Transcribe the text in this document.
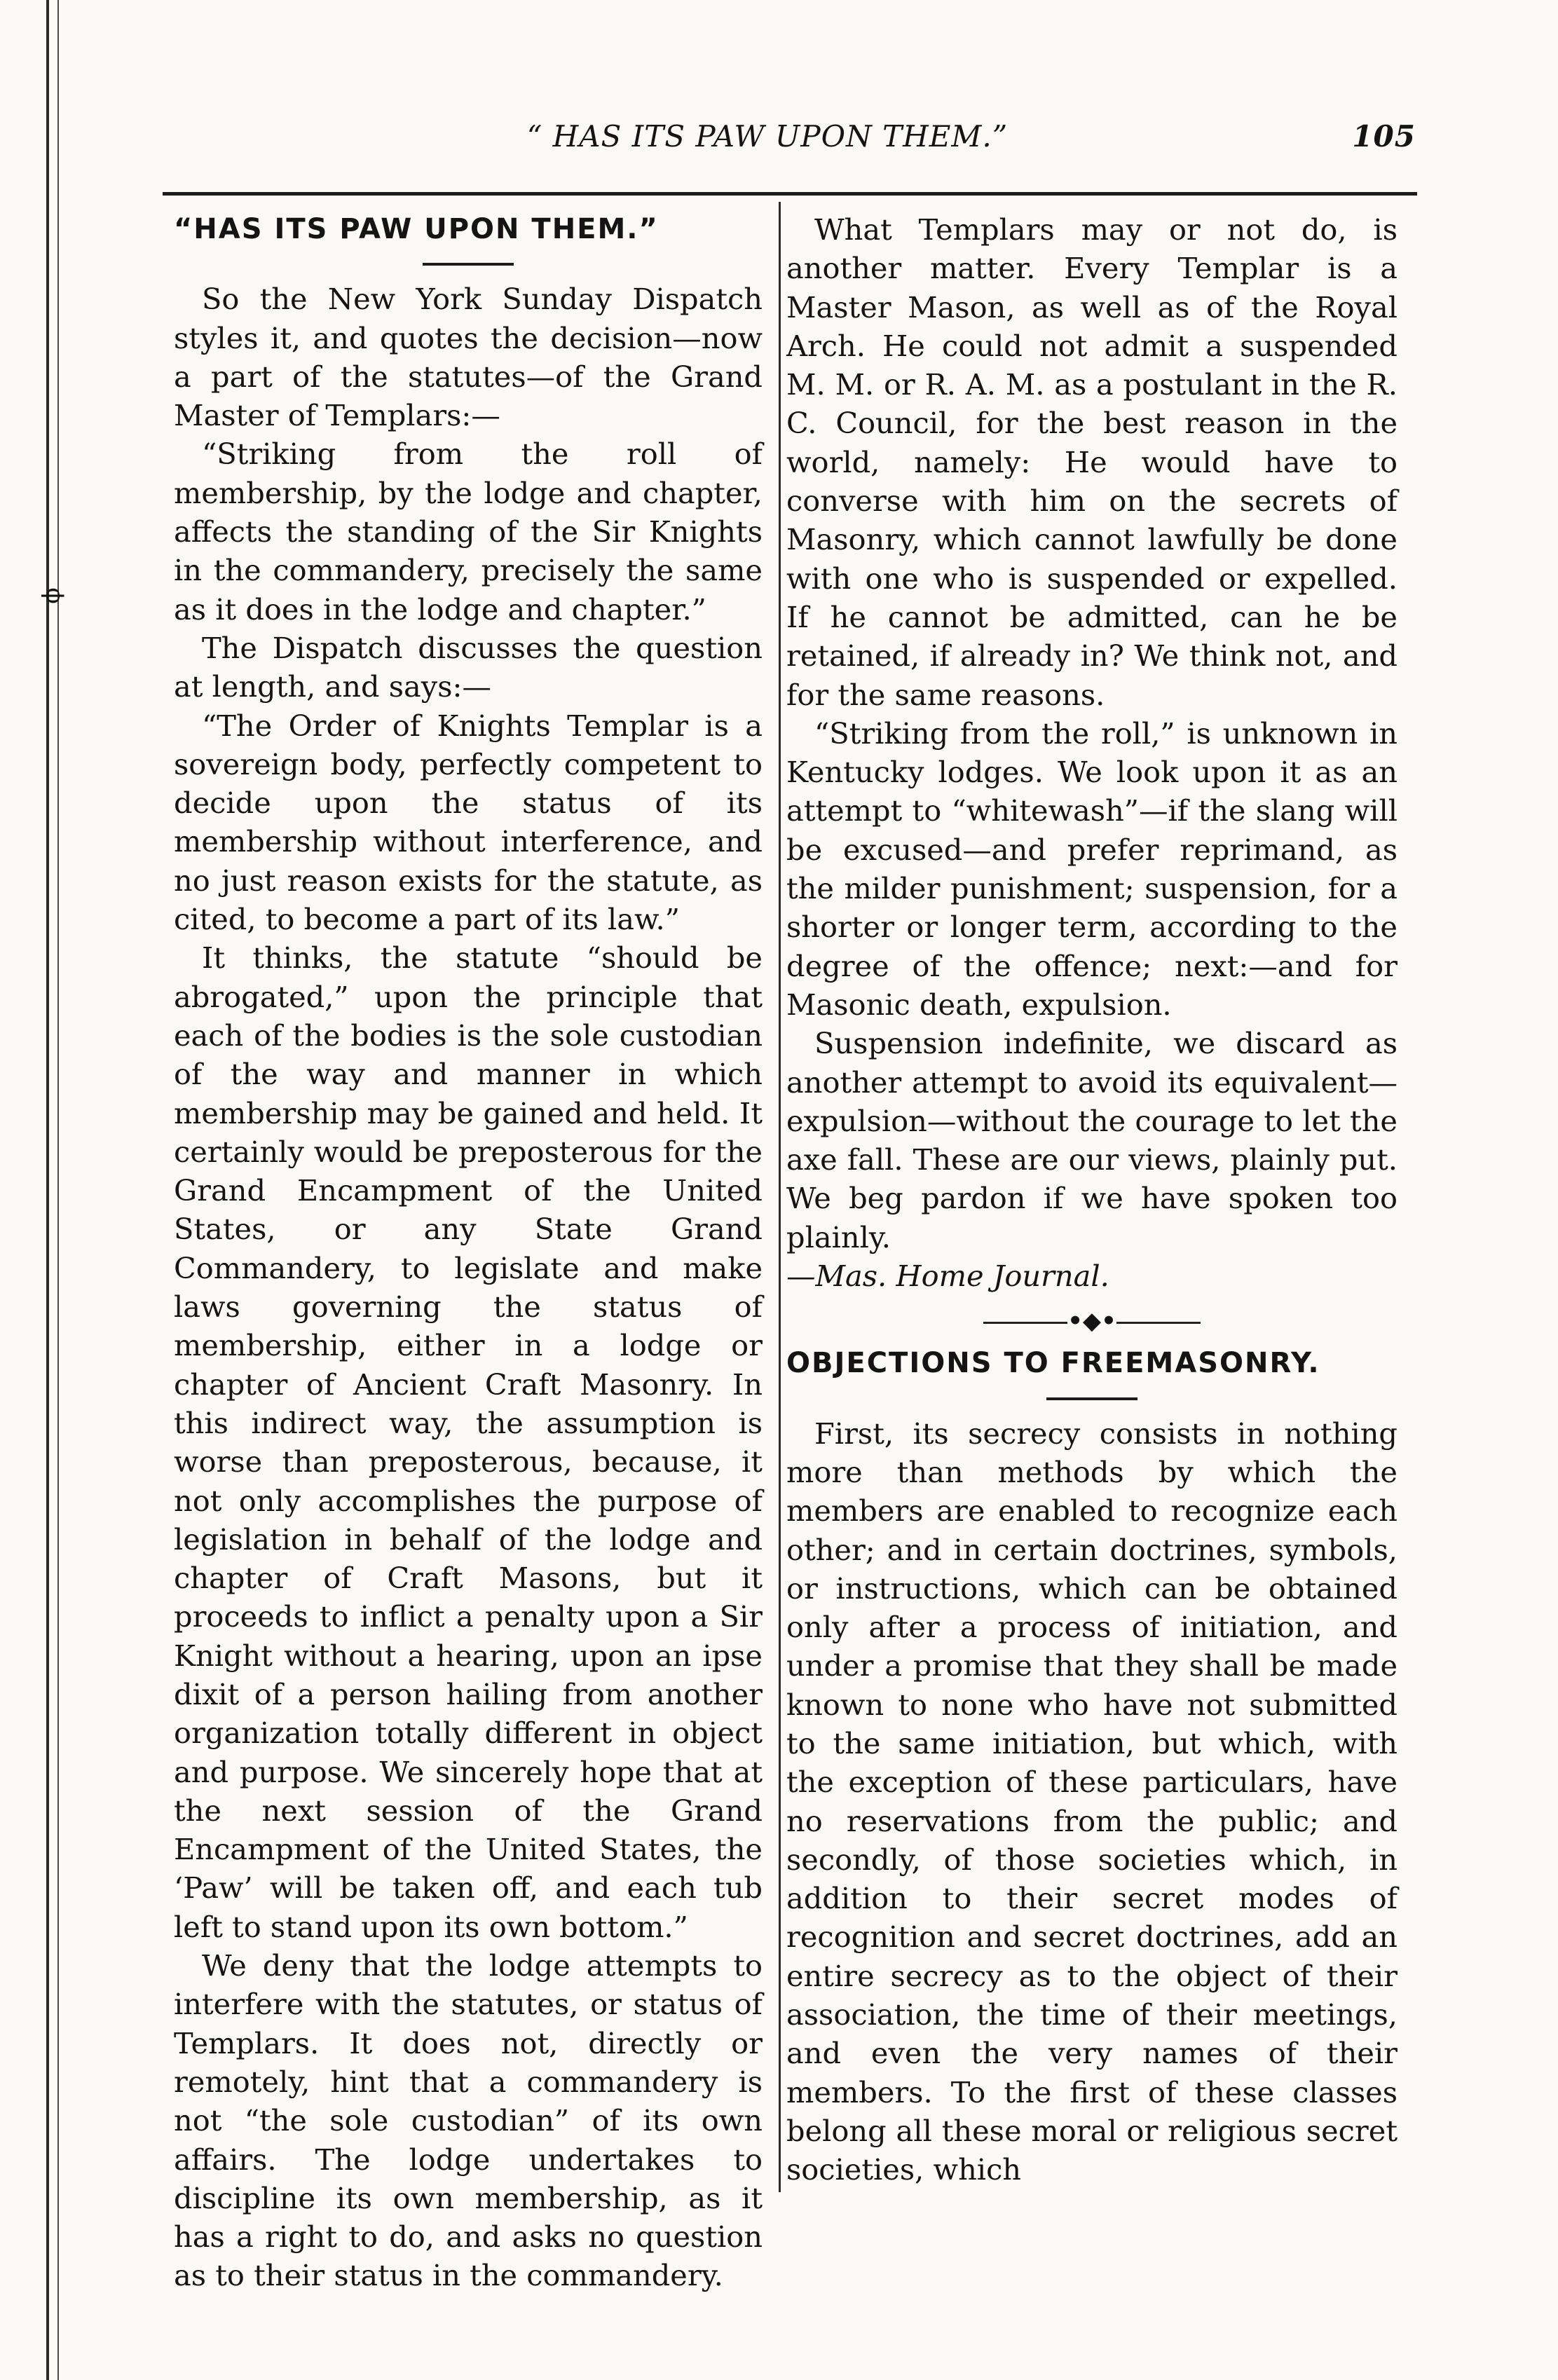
ϕ
“ HAS ITS PAW UPON THEM.”	105

“HAS ITS PAW UPON THEM.”

So the New York Sunday Dispatch styles it, and quotes the decision—now a part of the statutes—of the Grand Master of Templars:—

“Striking from the roll of membership, by the lodge and chapter, affects the standing of the Sir Knights in the commandery, precisely the same as it does in the lodge and chapter.”

The Dispatch discusses the question at length, and says:—

“The Order of Knights Templar is a sovereign body, perfectly competent to decide upon the status of its membership without interference, and no just reason exists for the statute, as cited, to become a part of its law.”

It thinks, the statute “should be abrogated,” upon the principle that each of the bodies is the sole custodian of the way and manner in which membership may be gained and held. It certainly would be preposterous for the Grand Encampment of the United States, or any State Grand Commandery, to legislate and make laws governing the status of membership, either in a lodge or chapter of Ancient Craft Masonry. In this indirect way, the assumption is worse than preposterous, because, it not only accomplishes the purpose of legislation in behalf of the lodge and chapter of Craft Masons, but it proceeds to inflict a penalty upon a Sir Knight without a hearing, upon an ipse dixit of a person hailing from another organization totally different in object and purpose. We sincerely hope that at the next session of the Grand Encampment of the United States, the ‘Paw’ will be taken off, and each tub left to stand upon its own bottom.”

We deny that the lodge attempts to interfere with the statutes, or status of Templars. It does not, directly or remotely, hint that a commandery is not “the sole custodian” of its own affairs. The lodge undertakes to discipline its own membership, as it has a right to do, and asks no question as to their status in the commandery.

What Templars may or not do, is another matter. Every Templar is a Master Mason, as well as of the Royal Arch. He could not admit a suspended M. M. or R. A. M. as a postulant in the R. C. Council, for the best reason in the world, namely: He would have to converse with him on the secrets of Masonry, which cannot lawfully be done with one who is suspended or expelled. If he cannot be admitted, can he be retained, if already in? We think not, and for the same reasons.

“Striking from the roll,” is unknown in Kentucky lodges. We look upon it as an attempt to “whitewash”—if the slang will be excused—and prefer reprimand, as the milder punishment; suspension, for a shorter or longer term, according to the degree of the offence; next:—and for Masonic death, expulsion.

Suspension indefinite, we discard as another attempt to avoid its equivalent—expulsion—without the courage to let the axe fall. These are our views, plainly put. We beg pardon if we have spoken too plainly.

—Mas. Home Journal.

•◆•

OBJECTIONS TO FREEMASONRY.

First, its secrecy consists in nothing more than methods by which the members are enabled to recognize each other; and in certain doctrines, symbols, or instructions, which can be obtained only after a process of initiation, and under a promise that they shall be made known to none who have not submitted to the same initiation, but which, with the exception of these particulars, have no reservations from the public; and secondly, of those societies which, in addition to their secret modes of recognition and secret doctrines, add an entire secrecy as to the object of their association, the time of their meetings, and even the very names of their members. To the first of these classes belong all these moral or religious secret societies, which
